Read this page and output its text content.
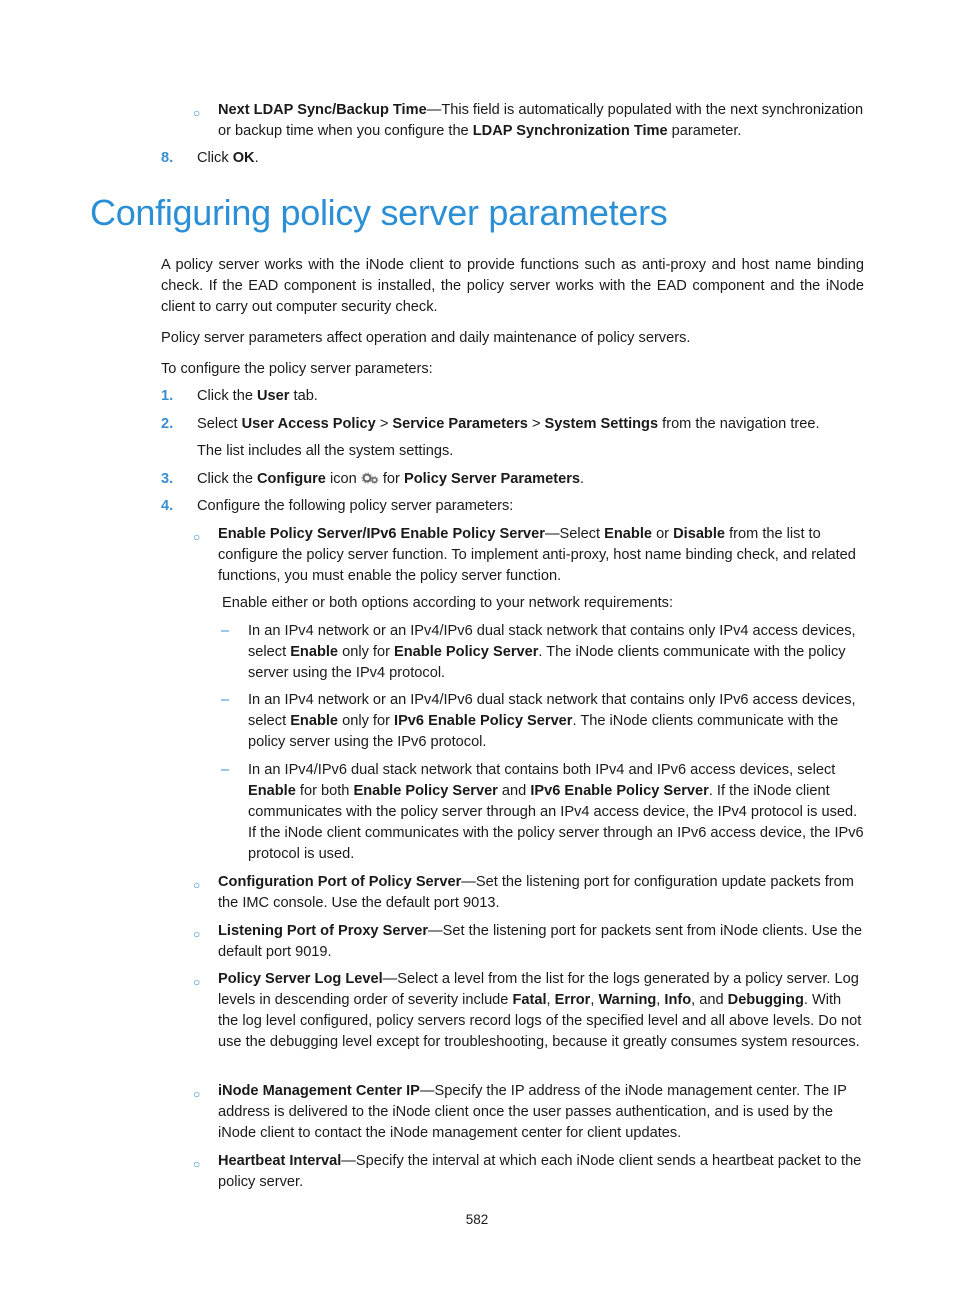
○ Next LDAP Sync/Backup Time—This field is automatically populated with the next synchronization or backup time when you configure the LDAP Synchronization Time parameter.

8. Click OK.

Configuring policy server parameters

A policy server works with the iNode client to provide functions such as anti-proxy and host name binding check. If the EAD component is installed, the policy server works with the EAD component and the iNode client to carry out computer security check.

Policy server parameters affect operation and daily maintenance of policy servers.

To configure the policy server parameters:

1. Click the User tab.

2. Select User Access Policy > Service Parameters > System Settings from the navigation tree.

The list includes all the system settings.

3. Click the Configure icon  for Policy Server Parameters.

4. Configure the following policy server parameters:

○ Enable Policy Server/IPv6 Enable Policy Server—Select Enable or Disable from the list to configure the policy server function. To implement anti-proxy, host name binding check, and related functions, you must enable the policy server function.

Enable either or both options according to your network requirements:

– In an IPv4 network or an IPv4/IPv6 dual stack network that contains only IPv4 access devices, select Enable only for Enable Policy Server. The iNode clients communicate with the policy server using the IPv4 protocol.

– In an IPv4 network or an IPv4/IPv6 dual stack network that contains only IPv6 access devices, select Enable only for IPv6 Enable Policy Server. The iNode clients communicate with the policy server using the IPv6 protocol.

– In an IPv4/IPv6 dual stack network that contains both IPv4 and IPv6 access devices, select Enable for both Enable Policy Server and IPv6 Enable Policy Server. If the iNode client communicates with the policy server through an IPv4 access device, the IPv4 protocol is used. If the iNode client communicates with the policy server through an IPv6 access device, the IPv6 protocol is used.

○ Configuration Port of Policy Server—Set the listening port for configuration update packets from the IMC console. Use the default port 9013.

○ Listening Port of Proxy Server—Set the listening port for packets sent from iNode clients. Use the default port 9019.

○ Policy Server Log Level—Select a level from the list for the logs generated by a policy server. Log levels in descending order of severity include Fatal, Error, Warning, Info, and Debugging. With the log level configured, policy servers record logs of the specified level and all above levels. Do not use the debugging level except for troubleshooting, because it greatly consumes system resources.

○ iNode Management Center IP—Specify the IP address of the iNode management center. The IP address is delivered to the iNode client once the user passes authentication, and is used by the iNode client to contact the iNode management center for client updates.

○ Heartbeat Interval—Specify the interval at which each iNode client sends a heartbeat packet to the policy server.

582
